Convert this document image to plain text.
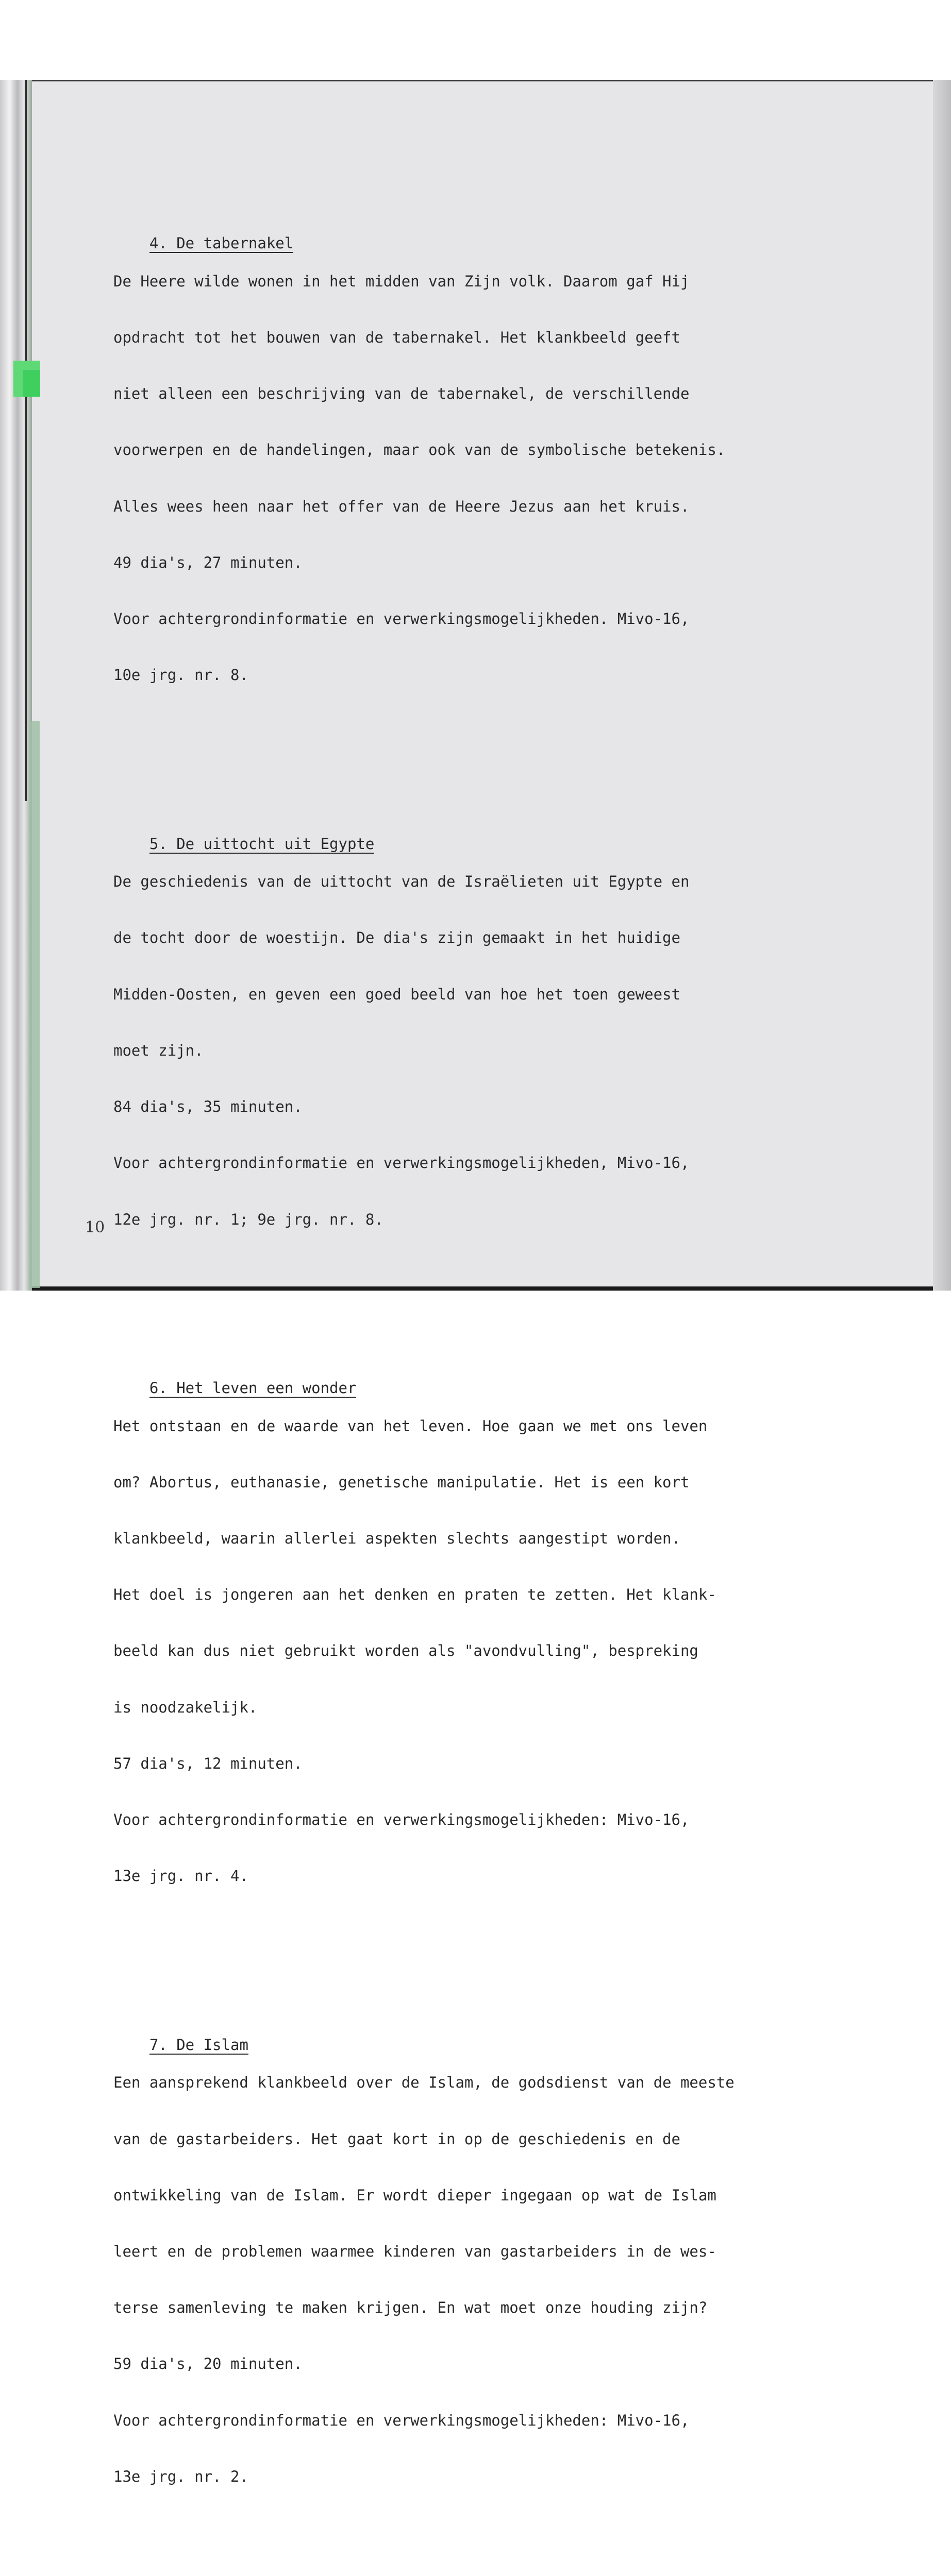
4. De tabernakel

De Heere wilde wonen in het midden van Zijn volk. Daarom gaf Hij

opdracht tot het bouwen van de tabernakel. Het klankbeeld geeft

niet alleen een beschrijving van de tabernakel, de verschillende

voorwerpen en de handelingen, maar ook van de symbolische betekenis.

Alles wees heen naar het offer van de Heere Jezus aan het kruis.

49 dia's, 27 minuten.

Voor achtergrondinformatie en verwerkingsmogelijkheden. Mivo-16,

10e jrg. nr. 8.

5. De uittocht uit Egypte

De geschiedenis van de uittocht van de Israëlieten uit Egypte en

de tocht door de woestijn. De dia's zijn gemaakt in het huidige

Midden-Oosten, en geven een goed beeld van hoe het toen geweest

moet zijn.

84 dia's, 35 minuten.

Voor achtergrondinformatie en verwerkingsmogelijkheden, Mivo-16,

12e jrg. nr. 1; 9e jrg. nr. 8.

6. Het leven een wonder

Het ontstaan en de waarde van het leven. Hoe gaan we met ons leven

om? Abortus, euthanasie, genetische manipulatie. Het is een kort

klankbeeld, waarin allerlei aspekten slechts aangestipt worden.

Het doel is jongeren aan het denken en praten te zetten. Het klank-

beeld kan dus niet gebruikt worden als "avondvulling", bespreking

is noodzakelijk.

57 dia's, 12 minuten.

Voor achtergrondinformatie en verwerkingsmogelijkheden: Mivo-16,

13e jrg. nr. 4.

7. De Islam

Een aansprekend klankbeeld over de Islam, de godsdienst van de meeste

van de gastarbeiders. Het gaat kort in op de geschiedenis en de

ontwikkeling van de Islam. Er wordt dieper ingegaan op wat de Islam

leert en de problemen waarmee kinderen van gastarbeiders in de wes-

terse samenleving te maken krijgen. En wat moet onze houding zijn?

59 dia's, 20 minuten.

Voor achtergrondinformatie en verwerkingsmogelijkheden: Mivo-16,

13e jrg. nr. 2.

10
